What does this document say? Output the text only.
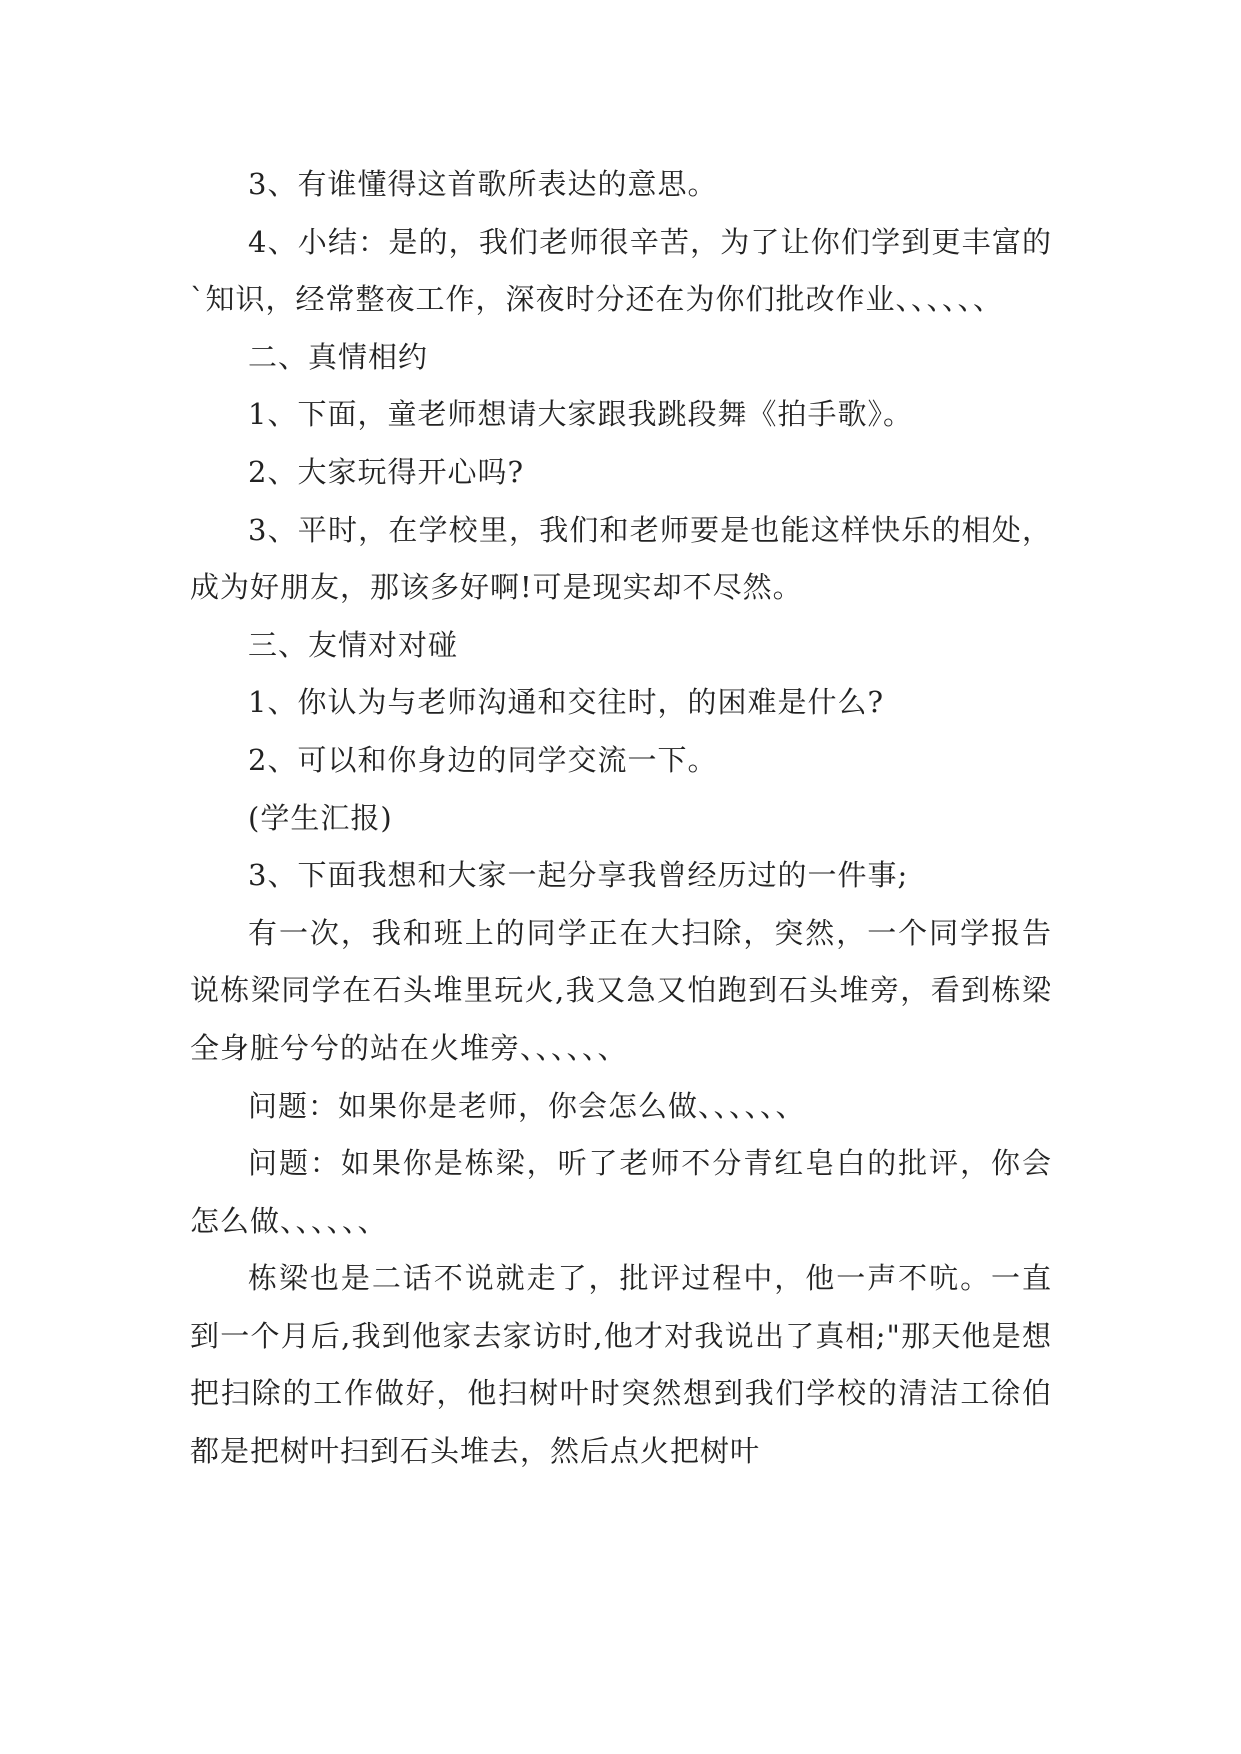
3、有谁懂得这首歌所表达的意思。

4、小结：是的，我们老师很辛苦，为了让你们学到更丰富的`知识，经常整夜工作，深夜时分还在为你们批改作业、、、、、、

二、真情相约

1、下面，童老师想请大家跟我跳段舞《拍手歌》。

2、大家玩得开心吗?

3、平时，在学校里，我们和老师要是也能这样快乐的相处，成为好朋友，那该多好啊!可是现实却不尽然。

三、友情对对碰

1、你认为与老师沟通和交往时，的困难是什么?

2、可以和你身边的同学交流一下。

(学生汇报)

3、下面我想和大家一起分享我曾经历过的一件事;

有一次，我和班上的同学正在大扫除，突然，一个同学报告说栋梁同学在石头堆里玩火,我又急又怕跑到石头堆旁，看到栋梁全身脏兮兮的站在火堆旁、、、、、、

问题：如果你是老师，你会怎么做、、、、、、

问题：如果你是栋梁，听了老师不分青红皂白的批评，你会怎么做、、、、、、

栋梁也是二话不说就走了，批评过程中，他一声不吭。一直到一个月后,我到他家去家访时,他才对我说出了真相;"那天他是想把扫除的工作做好，他扫树叶时突然想到我们学校的清洁工徐伯都是把树叶扫到石头堆去，然后点火把树叶
